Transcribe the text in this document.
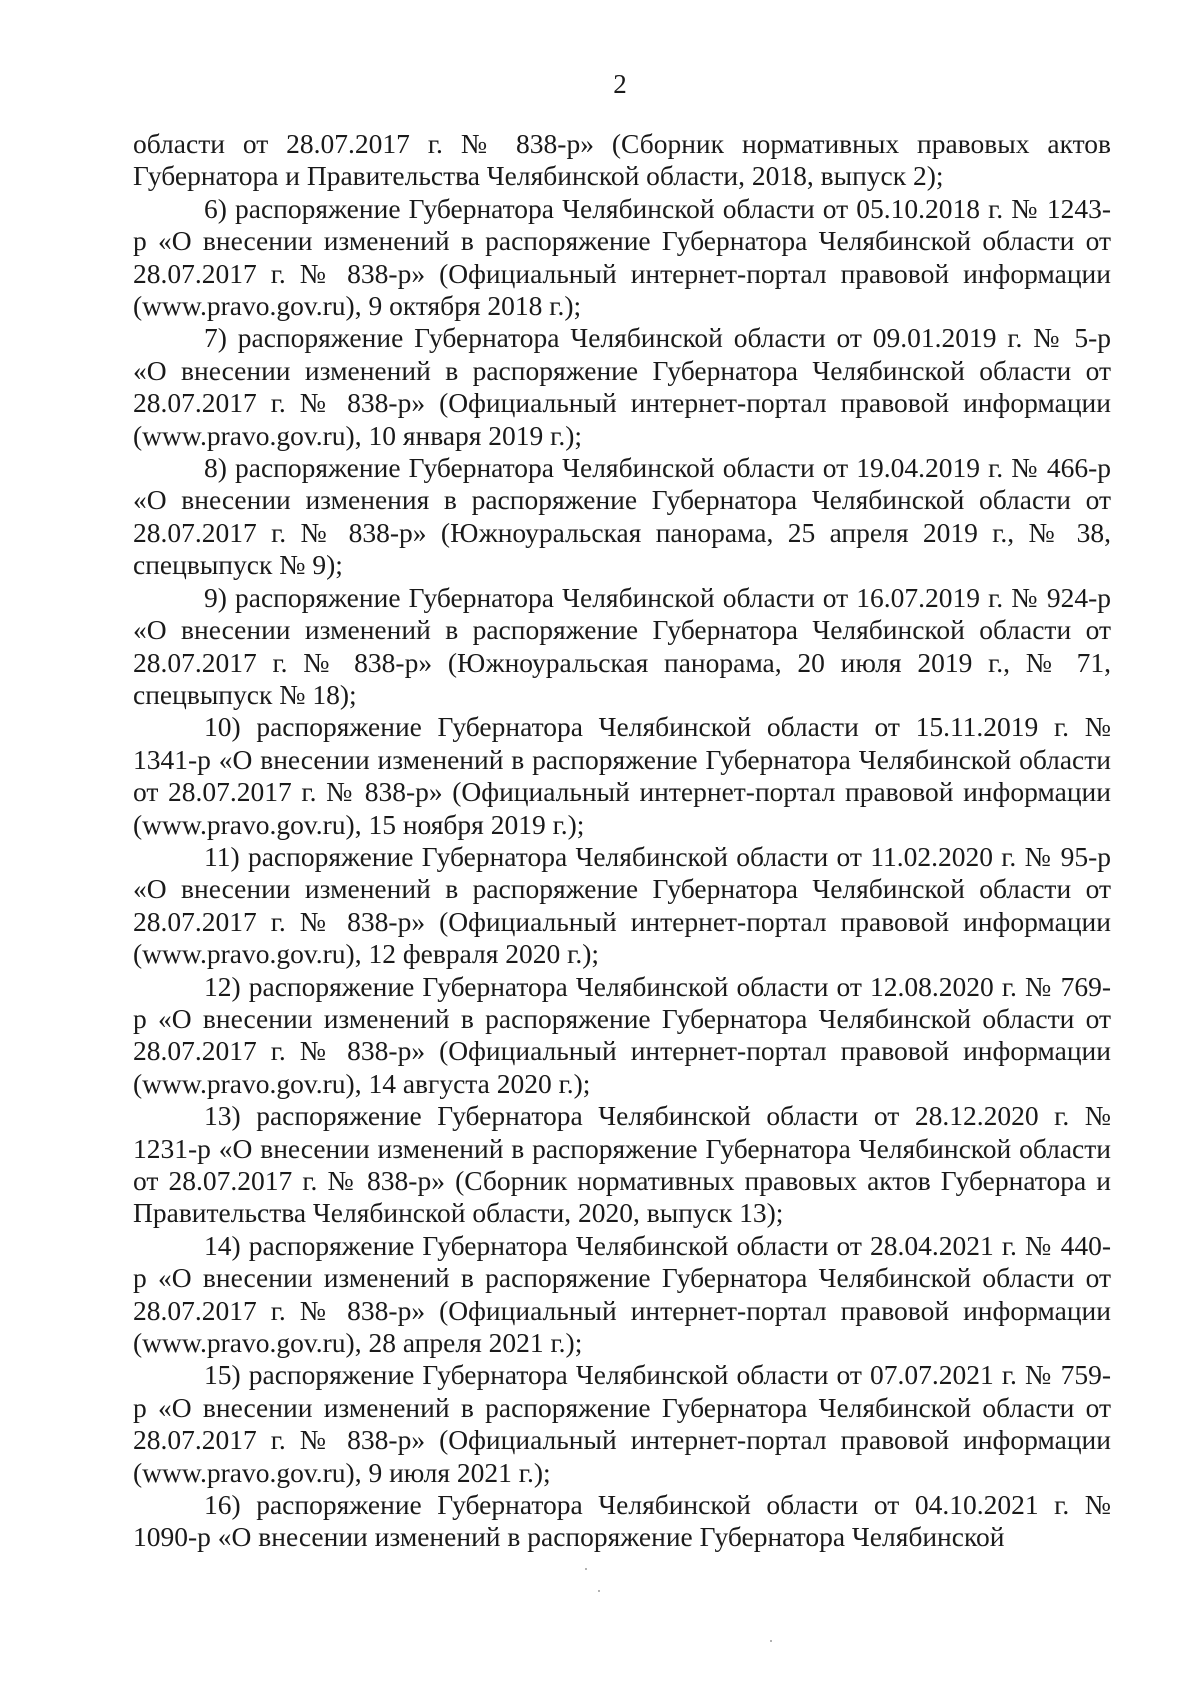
2

области от 28.07.2017 г. № 838-р» (Сборник нормативных правовых актов Губернатора и Правительства Челябинской области, 2018, выпуск 2);

6) распоряжение Губернатора Челябинской области от 05.10.2018 г. № 1243-р «О внесении изменений в распоряжение Губернатора Челябинской области от 28.07.2017 г. № 838-р» (Официальный интернет-портал правовой информации (www.pravo.gov.ru), 9 октября 2018 г.);

7) распоряжение Губернатора Челябинской области от 09.01.2019 г. № 5-р «О внесении изменений в распоряжение Губернатора Челябинской области от 28.07.2017 г. № 838-р» (Официальный интернет-портал правовой информации (www.pravo.gov.ru), 10 января 2019 г.);

8) распоряжение Губернатора Челябинской области от 19.04.2019 г. № 466-р «О внесении изменения в распоряжение Губернатора Челябинской области от 28.07.2017 г. № 838-р» (Южноуральская панорама, 25 апреля 2019 г., № 38, спецвыпуск № 9);

9) распоряжение Губернатора Челябинской области от 16.07.2019 г. № 924-р «О внесении изменений в распоряжение Губернатора Челябинской области от 28.07.2017 г. № 838-р» (Южноуральская панорама, 20 июля 2019 г., № 71, спецвыпуск № 18);

10) распоряжение Губернатора Челябинской области от 15.11.2019 г. № 1341-р «О внесении изменений в распоряжение Губернатора Челябинской области от 28.07.2017 г. № 838-р» (Официальный интернет-портал правовой информации (www.pravo.gov.ru), 15 ноября 2019 г.);

11) распоряжение Губернатора Челябинской области от 11.02.2020 г. № 95-р «О внесении изменений в распоряжение Губернатора Челябинской области от 28.07.2017 г. № 838-р» (Официальный интернет-портал правовой информации (www.pravo.gov.ru), 12 февраля 2020 г.);

12) распоряжение Губернатора Челябинской области от 12.08.2020 г. № 769-р «О внесении изменений в распоряжение Губернатора Челябинской области от 28.07.2017 г. № 838-р» (Официальный интернет-портал правовой информации (www.pravo.gov.ru), 14 августа 2020 г.);

13) распоряжение Губернатора Челябинской области от 28.12.2020 г. № 1231-р «О внесении изменений в распоряжение Губернатора Челябинской области от 28.07.2017 г. № 838-р» (Сборник нормативных правовых актов Губернатора и Правительства Челябинской области, 2020, выпуск 13);

14) распоряжение Губернатора Челябинской области от 28.04.2021 г. № 440-р «О внесении изменений в распоряжение Губернатора Челябинской области от 28.07.2017 г. № 838-р» (Официальный интернет-портал правовой информации (www.pravo.gov.ru), 28 апреля 2021 г.);

15) распоряжение Губернатора Челябинской области от 07.07.2021 г. № 759-р «О внесении изменений в распоряжение Губернатора Челябинской области от 28.07.2017 г. № 838-р» (Официальный интернет-портал правовой информации (www.pravo.gov.ru), 9 июля 2021 г.);

16) распоряжение Губернатора Челябинской области от 04.10.2021 г. № 1090-р «О внесении изменений в распоряжение Губернатора Челябинской
